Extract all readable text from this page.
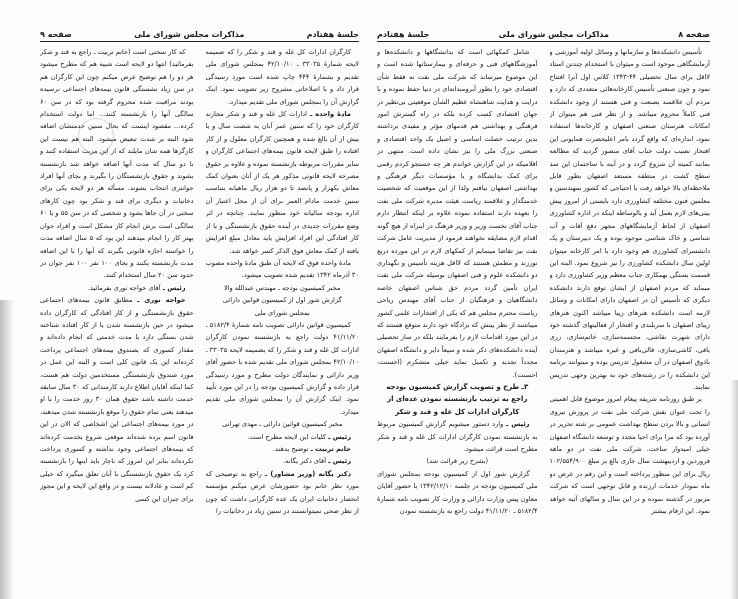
جلسهٔ هفتادم
مذاکرات مجلس شورای ملی
صفحه ۹

کارگران ادارات کل غله و قند و شکر را که ضمیمه لایحه شمارهٔ ۳۳۰۳۵ ـ ۴۲/۱۰/۱۰ بمجلس شورای ملی تقدیم و بشمارهٔ ۴۴۴ چاپ شده است مورد رسیدگی قرار داد و با اصلاحاتی مشروح زیر تصویب نمود. اینک گزارش آن را بمجلس شورای ملی تقدیم میدارد.

مادهٔ واحده ـ ادارات کل غله و قند و شکر مجازند کارگران خود را که سنین عمر آنان به شصت سال و یا بیش از آن بالغ شده و همچنین کارگران معلول و از کار افتاده را طبق لایحه قانون بیمه‌های اجتماعی کارگران و سایر مقررات مربوطه بازنشسته نموده و علاوه بر حقوق مصرحه لایحه قانونی مذکور هر یک از آنان بعنوان کمک معاش یکهزار و پانصد تا دو هزار ریال ماهیانه بتناسب سنین خدمت مادام العمر برای آن از محل اعتبار آن اداره بودجه سالیانه خود منظور نمایند. چنانچه در اثر وضع مقررات جدیدی در آینده حقوق بازنشستگی و یا از کار افتادگی این افراد افزایش یابد معادل مبلغ افزایش یافته از کمک معاش فوق الذکر کسر خواهد شد.

مادهٔ واحده فوق که لایحه آن طبق مادهٔ واحده مصوب ۳۰ آذرماه ۱۳۴۲ تقدیم شده تصویب میشود.

مخبر کمیسیون بودجه ـ مهندس عبدالله والا

گزارش شور اول از کمیسیون قوانین دارائی

بمجلس شورای ملی

کمیسیون قوانین دارائی تصویب نامه شمارهٔ ۵۱۸۲/۴ ـ ۴۱/۱۱/۲۰ دولت راجع به بازنشسته نمودن کارگران ادارات کل غله و قند و شکر را که بضمیمه لایحه ۳۳۰۳۵ ـ ۴۲/۱۰/۱۰ بمجلس شورای ملی تقدیم شده با حضور آقای وزیر دارائی و نمایندگان دولت مطرح و مورد رسیدگی قرار داده و گزارش کمیسیون بودجه را در این مورد تأیید نمود. اینک گزارش آن را بمجلس شورای ملی تقدیم میدارد.

مخبر کمیسیون قوانین دارائی ـ مهدی تهرانی

رئیس ـ کلیات این لایحه مطرح است.

خانم تربیت ـ توضیح بدهند.

رئیس ـ آقای دکتر یگانه.

دکتر یگانه (وزیر مشاور) ـ راجع به توضیحی که مورد نظر خانم بود حضورشان عرض میکنم مؤسسه انحصار دخانیات ایران یک عده کارگرانی داشت که چون از نظر صحی نمیتوانستند در سنین زیاد در دخانیات را

که کار سختی است (خانم تربیت ـ راجع به قند و شکر بفرمائید) انتها دو لایحه است شبیه هم که مطرح میشود هر دو را هم توضیح عرض میکنم چون این کارگران هم در سن زیاد نشستگی قانون بیمه‌های اجتماعی نرسیده بودند مراقبت شده محروم گرفته بود که در سن ۶۰ سالگی آنها را بازنشسته کنند... اما دولت استخدام کرده... مقصود اینست که بحال سنین خدمتشان اضافه شود البته بر شدت تبعیض میشود. البته هم نیست این کارگرها همه شان مایلند که از این مزیت استفاده کنند و با دو سال که مدت آنها اضافه خواهد شد بازنشسته بشوند و حقوق بازنشستگان را بگیرند و بجای آنها افراد جوانتری انتخاب بشوند. مسأله هر دو لایحه یکی برای دخانیات و دیگری برای قند و شکر بود چون کارهای سختی در آن جاها بشود و شخصی که در سن ۵۵ و یا ۶۰ سالگی است برش انجام کار مشکل است و افراد جوان بهتر کار را انجام میدهند این بود که ۵ سال اضافه مدت را خواسته اجازه قانونی بگیرند که آنها را با این اضافه مدت بازنشسته بکنند و بجای ۱۰۰ نفر ۱۰۰ نفر جوان در حدود سن ۲۰ سال استخدام کنند.

رئیس ـ آقای خواجه نوری بفرمائید.

خواجه نوری ـ مطابق قانون بیمه‌های اجتماعی حقوق بازنشستگی و از کار افتادگی که کارگران داده میشود در حین بازنشسته شدن یا از کار افتاده شناخته شدن بستگی دارد با مدت خدمتی که انجام داده‌اند و مقدار کسوری که بصندوق بیمه‌های اجتماعی پرداخت کرده‌اند این یک قانون کلی است و البته این عمل در مورد صندوق بازنشستگی مستخدمین دولت هم هست، کما اینکه آقایان اطلاع دارند کارمندانی که ۳۰ سال سابقه خدمت داشته باشد حقوق همان ۳۰ روز خدمت را با او میدهند یعنی تمام حقوق را موقع بازنشسته شدن میدهند، در مورد بیمه‌های اجتماعی این اشخاصی که الان در این قانون اسم برده شده‌اند موقعی شروع بخدمت کرده‌اند که بیمه‌های اجتماعی وجود نداشته و کسوری پرداخت نکرده‌اند بنابر این امروز که ناچار باید اینها را بازنشسته کرد یک حقوق بازنشستگی با آنان تعلق میگیرد که خیلی کم است و عادلانه نیست و در واقع این لایحه و این مجوز برای جبران این کسی

صفحه ۸
مذاکرات مجلس شورای ملی
جلسهٔ هفتادم

تأسیس دانشکده‌ها و سازمانها و وسائل اولیه آموزشی و آزمایشگاهی موجود است و میتوان با استخدام چندتن استاد لااقل برای سال تحصیلی ۴۴-۱۳۴۳ کلاس اول آنرا افتتاح نمود و چون صنعتی تأسیس کارخانه‌هائی متعددی که دارد و مردم آن علاقمند بصنعت و فنی هستند از وجود دانشکده فنی کاملاً محروم میباشد. و از نظر فنی هم میتوان از امکانات هنرستان صنعتی اصفهان و کارخانه‌ها استفاده نمود، اندازه‌ای که واقع گردد بامر اعلیحضرت همایونی این افتخار نصیب دولت جناب آقای منصور گردید که مطالعه بمانند کمیته آن شروع گردد و در آینه با ساختمان این سد سطح کشت در منطقه مستعد اصفهان بطور قابل ملاحظه‌ای بالا خواهد رفت با احتیاجی که کشور بمهندسین و معلمین فنون مختلفه کشاورزی دارد بایستی از امروز پیش بینی‌های لازم بعمل آید و بالوساطه اینکه در اداره کشاورزی اصفهان از لحاظ آزمایشگاههای مجهز دفع آفات و آب شناسی و خاک شناسی موجود بوده و یک دبیرستان و یک دانشسرای کشاورزی هم وجود دارد با امر کارخانه میتوان اولین سال دانشکده کشاورزی را نیز شروع نمود. البته این قسمت بستگی بهمکاری جناب معظم وزیر کشاورزی دارد و میماند که مردم اصفهان از ایشان توقع دارند دانشکده دیگری که تأسیس آن در اصفهان دارای امکانات و وسائل لازمه است دانشکده هنرهای زیبا میباشد اکنون هنرهای زیبای اصفهان با سربلندی و افتخار از فعالیتهای گذشته خود دارای شهرت نقاشی، مجسمه‌سازی، خاتم‌سازی، زری بافی، کاشی‌سازی، قالی‌بافی و غیره میباشد و هنرمندان باذوق اصفهان در آن مشغول تدریس بوده و میتوانند برنامه این دانشکده را در رشته‌های خود به بهترین وجهی تدریس نمایند.

بر طبق روزنامه شریفه پیغام امروز موضوع قابل اهمیتی را تحت عنوان نقش شرکت ملی نفت در پرورش نیروی انسانی و بالا بردن سطح بهداشت عمومی بر شته تحریر در آورده بود که مرا برای احیا مجدد و توسعه دانشگاه اصفهان خیلی امیدوار ساخت. شرکت ملی نفت در دو ماهه فروردین و اردیبهشت سال جاری بالغ بر مبلغ ۱۰۲/۵۵۴/۹۰۰ ریال برای این منظور پرداخته است و این رقم در عرض دو ماه نمودار خدمات ارزنده و قابل توجهی است که شرکت مزبور در گذشته نموده و در این سال و سالهای آتیه خواهد نمود. این ارقام بیشتر

شامل کمکهائی است که بدانشگاهها و دانشکده‌ها و آموزشگاههای فنی و حرفه‌ای و بیمارستانها شده است و این موضوع میرساند که شرکت ملی نفت نه فقط شأن اقتصادی خود را بطور آبرومندانه‌ای در دنیا حفظ نموده و با درایت و هدایت شاهنشاه عظیم الشأن موقعیتی بی‌نظیر در جهان اقتصادی کسب کرده بلکه در راه گسترش امور فرهنگی و بهداشتی هم قدمهای مؤثر و مفیدی برداشته بدین ترتیب خصلت اساسی و اصیل یک واحد اقتصادی و صنعتی بزرگ ملی را نیز نشان داده است. منتهی در اقلامیکه در این گزارش خواندم هر چه جستجو کردم رقمی برای کمک بدانشگاه و یا مؤسسات دیگر فرهنگی و بهداشتی اصفهان نیافتم ولذا از این موقعیت که شخصیت خدمتگذار و علاقمند ریاست هیئت مدیره شرکت ملی نفت را بعهده دارند استفاده نموده علاوه بر اینکه انتظار دارم جناب آقای نخست وزیر و وزیر فرهنگ در اینراه از هیچ گونه اقدام لازم مضایقه نخواهند فرمود از مدیریت عامل شرکت نفت نیز تقاضا مینمایم از کمکهای لازم در این مورده دریغ نورزند و مطمئن هستند که لااقل هزینه تأسیس و نگهداری دو دانشکده علوم و فنی اصفهان بوسیله شرکت ملی نفت ایران تأمین گردد مردم حق شناس اصفهان خاصه دانشگاهیان و فرهنگیان از جناب آقای مهندس ریاحی ریاست محترم مجلس هم که یکی از افتخارات علمی کشور میباشند از نظر بینش که بزادگاه خود دارند متوقع هستند که در این مورد اقدامات لازم را بفرمایند بلکه در ساز تحصیلی آینده دانشکده‌های ذکر شده و سیعاً دایر و دانشگاه اصفهان مجدداً تجدید و تکمیل نماید خیلی متشکرم (احسنت، احسنت).

۳ـ طرح و تصویب گزارش کمیسیون بودجه راجع به ترتیب بازنشسته نمودن عده‌ای از کارگران ادارات کل غله و قند و شکر

رئیس ـ وارد دستور میشویم گزارش کمیسیون مربوط به بازنشسته نمودن کارگران ادارات کل غله و قند و شکر مطرح است قرائت میشود.

(بشرح زیر قرائت شد)

گزارش شور اول از کمیسیون بودجه بمجلس شورای ملی کمیسیون بودجه در جلسه ۱۳۴۲/۱۲/۱۰ با حضور آقایان معاون پیس وزارت دارائی و وزارت کار تصویب نامه شمارهٔ ۵۱۸۲/۴ ـ ۴۱/۱۱/۲۰ دولت راجع به بازنشسته نمودن
